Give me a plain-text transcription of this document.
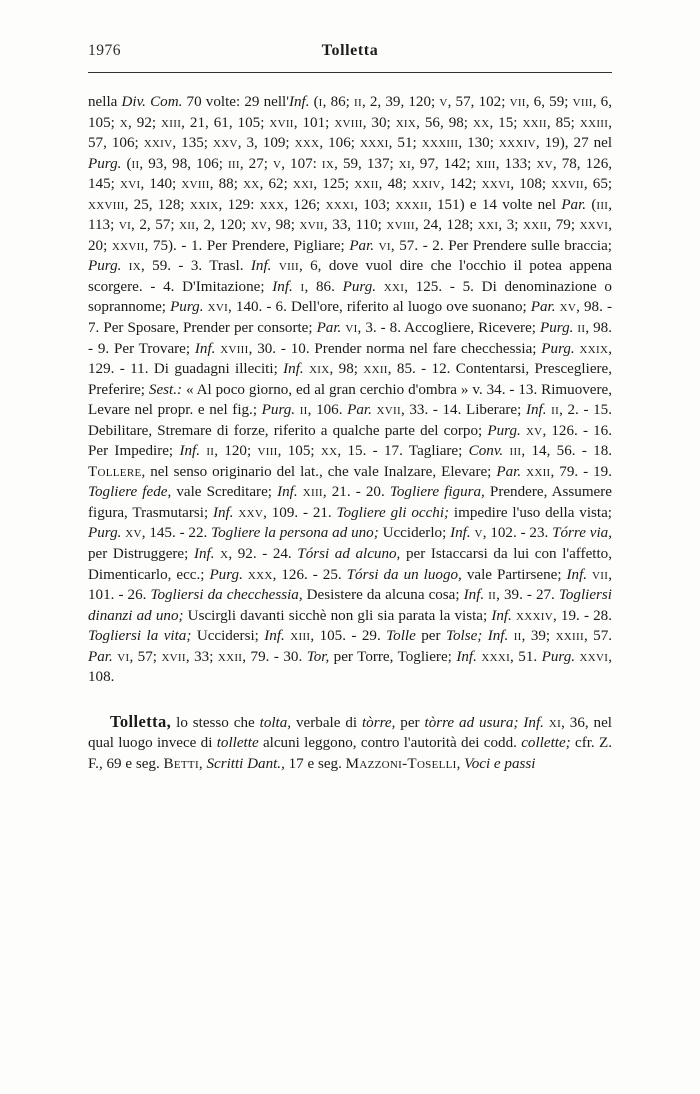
1976	Tolletta

nella Div. Com. 70 volte: 29 nell'Inf. (i, 86; ii, 2, 39, 120; v, 57, 102; vii, 6, 59; viii, 6, 105; x, 92; xiii, 21, 61, 105; xvii, 101; xviii, 30; xix, 56, 98; xx, 15; xxii, 85; xxiii, 57, 106; xxiv, 135; xxv, 3, 109; xxx, 106; xxxi, 51; xxxiii, 130; xxxiv, 19), 27 nel Purg. (ii, 93, 98, 106; iii, 27; v, 107: ix, 59, 137; xi, 97, 142; xiii, 133; xv, 78, 126, 145; xvi, 140; xviii, 88; xx, 62; xxi, 125; xxii, 48; xxiv, 142; xxvi, 108; xxvii, 65; xxviii, 25, 128; xxix, 129: xxx, 126; xxxi, 103; xxxii, 151) e 14 volte nel Par. (iii, 113; vi, 2, 57; xii, 2, 120; xv, 98; xvii, 33, 110; xviii, 24, 128; xxi, 3; xxii, 79; xxvi, 20; xxvii, 75). - 1. Per Prendere, Pigliare; Par. vi, 57. - 2. Per Prendere sulle braccia; Purg. ix, 59. - 3. Trasl. Inf. viii, 6, dove vuol dire che l'occhio il potea appena scorgere. - 4. D'Imitazione; Inf. i, 86. Purg. xxi, 125. - 5. Di denominazione o soprannome; Purg. xvi, 140. - 6. Dell'ore, riferito al luogo ove suonano; Par. xv, 98. - 7. Per Sposare, Prender per consorte; Par. vi, 3. - 8. Accogliere, Ricevere; Purg. ii, 98. - 9. Per Trovare; Inf. xviii, 30. - 10. Prender norma nel fare checchessia; Purg. xxix, 129. - 11. Di guadagni illeciti; Inf. xix, 98; xxii, 85. - 12. Contentarsi, Prescegliere, Preferire; Sest.: « Al poco giorno, ed al gran cerchio d'ombra » v. 34. - 13. Rimuovere, Levare nel propr. e nel fig.; Purg. ii, 106. Par. xvii, 33. - 14. Liberare; Inf. ii, 2. - 15. Debilitare, Stremare di forze, riferito a qualche parte del corpo; Purg. xv, 126. - 16. Per Impedire; Inf. ii, 120; viii, 105; xx, 15. - 17. Tagliare; Conv. iii, 14, 56. - 18. Tollere, nel senso originario del lat., che vale Inalzare, Elevare; Par. xxii, 79. - 19. Togliere fede, vale Screditare; Inf. xiii, 21. - 20. Togliere figura, Prendere, Assumere figura, Trasmutarsi; Inf. xxv, 109. - 21. Togliere gli occhi; impedire l'uso della vista; Purg. xv, 145. - 22. Togliere la persona ad uno; Ucciderlo; Inf. v, 102. - 23. Tórre via, per Distruggere; Inf. x, 92. - 24. Tórsi ad alcuno, per Istaccarsi da lui con l'affetto, Dimenticarlo, ecc.; Purg. xxx, 126. - 25. Tórsi da un luogo, vale Partirsene; Inf. vii, 101. - 26. Togliersi da checchessia, Desistere da alcuna cosa; Inf. ii, 39. - 27. Togliersi dinanzi ad uno; Uscirgli davanti sicchè non gli sia parata la vista; Inf. xxxiv, 19. - 28. Togliersi la vita; Uccidersi; Inf. xiii, 105. - 29. Tolle per Tolse; Inf. ii, 39; xxiii, 57. Par. vi, 57; xvii, 33; xxii, 79. - 30. Tor, per Torre, Togliere; Inf. xxxi, 51. Purg. xxvi, 108.

Tolletta, lo stesso che tolta, verbale di tòrre, per tòrre ad usura; Inf. xi, 36, nel qual luogo invece di tollette alcuni leggono, contro l'autorità dei codd. collette; cfr. Z. F., 69 e seg. Betti, Scritti Dant., 17 e seg. Mazzoni-Toselli, Voci e passi
